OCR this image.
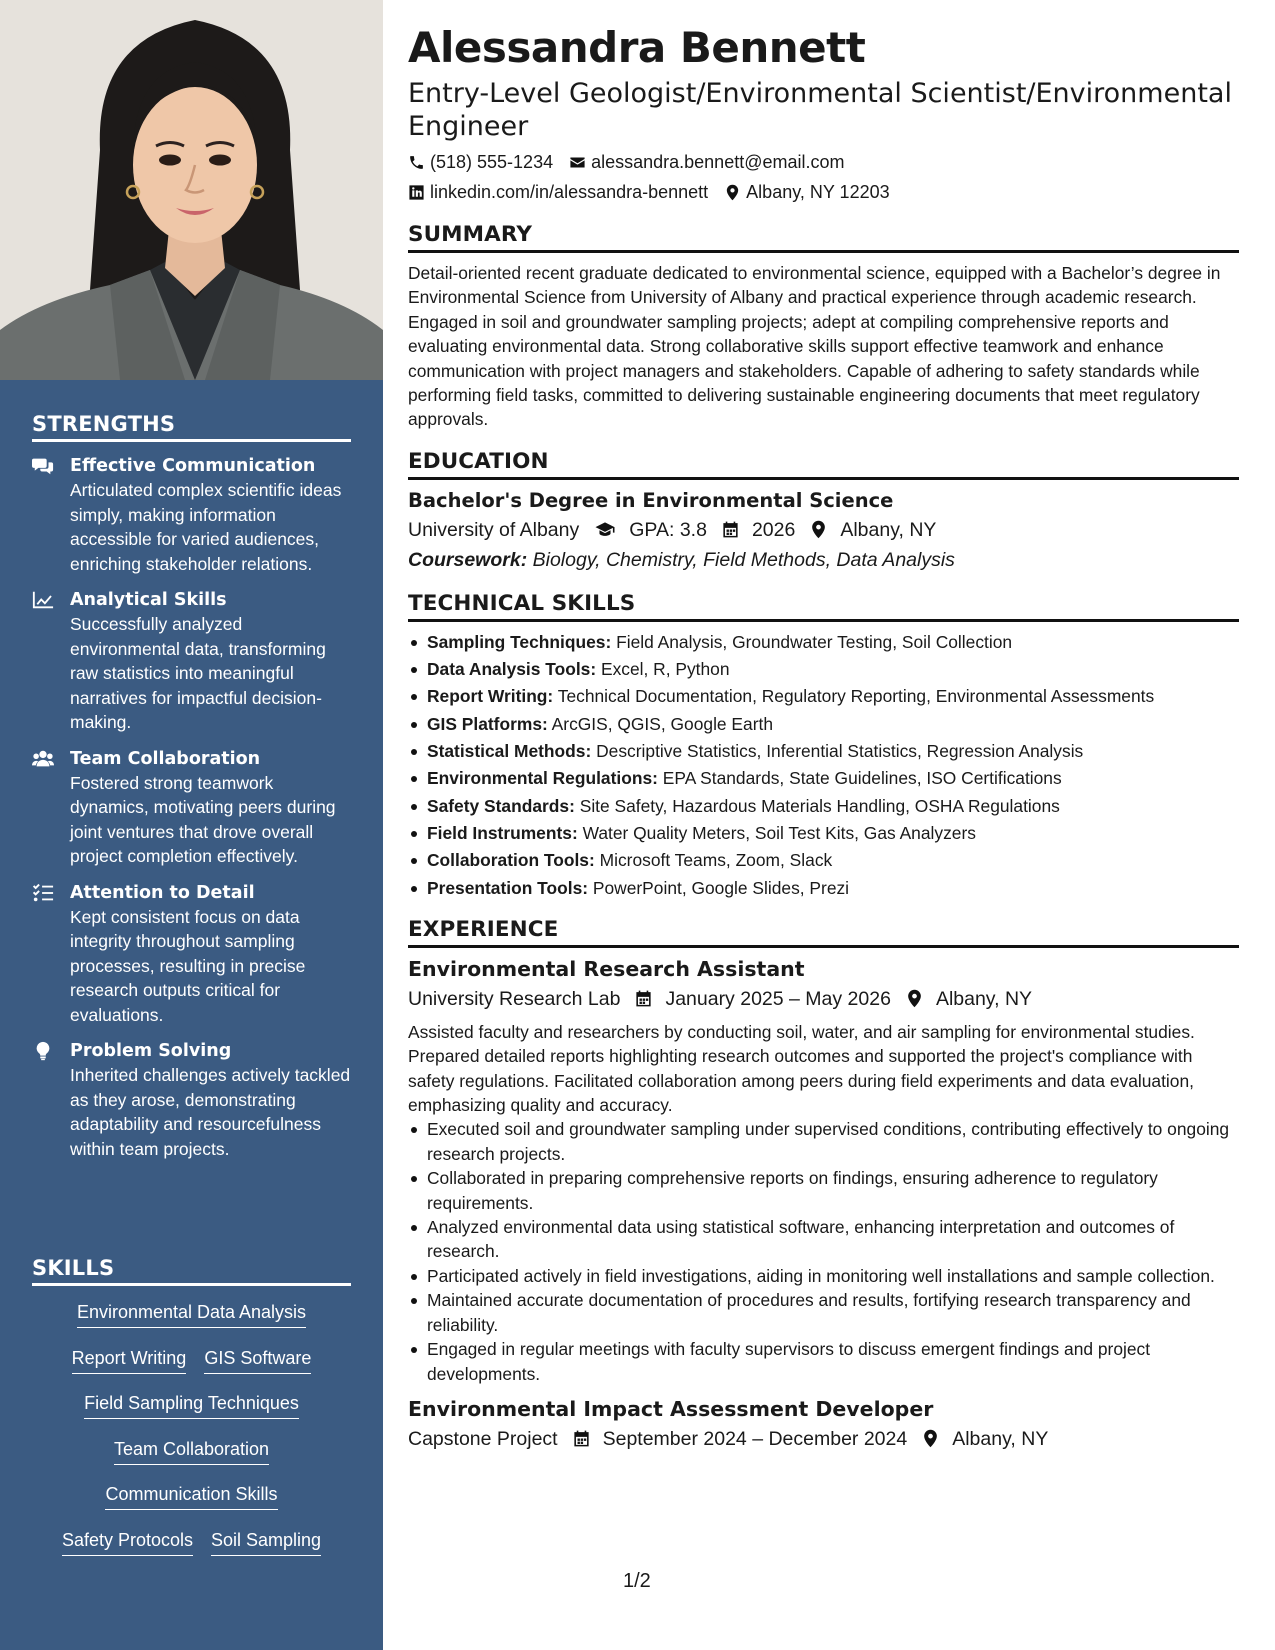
STRENGTHS
Effective Communication
Articulated complex scientific ideas simply, making information accessible for varied audiences, enriching stakeholder relations.
Analytical Skills
Successfully analyzed environmental data, transforming raw statistics into meaningful narratives for impactful decision-making.
Team Collaboration
Fostered strong teamwork dynamics, motivating peers during joint ventures that drove overall project completion effectively.
Attention to Detail
Kept consistent focus on data integrity throughout sampling processes, resulting in precise research outputs critical for evaluations.
Problem Solving
Inherited challenges actively tackled as they arose, demonstrating adaptability and resourcefulness within team projects.
SKILLS
Environmental Data Analysis
Report Writing GIS Software
Field Sampling Techniques
Team Collaboration
Communication Skills
Safety Protocols Soil Sampling
Alessandra Bennett
Entry-Level Geologist/Environmental Scientist/Environmental Engineer
(518) 555-1234 alessandra.bennett@email.com
linkedin.com/in/alessandra-bennett Albany, NY 12203
SUMMARY
Detail-oriented recent graduate dedicated to environmental science, equipped with a Bachelor’s degree in Environmental Science from University of Albany and practical experience through academic research. Engaged in soil and groundwater sampling projects; adept at compiling comprehensive reports and evaluating environmental data. Strong collaborative skills support effective teamwork and enhance communication with project managers and stakeholders. Capable of adhering to safety standards while performing field tasks, committed to delivering sustainable engineering documents that meet regulatory approvals.
EDUCATION
Bachelor's Degree in Environmental Science
University of Albany	GPA: 3.8 2026 Albany, NY
Coursework: Biology, Chemistry, Field Methods, Data Analysis
TECHNICAL SKILLS
Sampling Techniques: Field Analysis, Groundwater Testing, Soil Collection
Data Analysis Tools: Excel, R, Python
Report Writing: Technical Documentation, Regulatory Reporting, Environmental Assessments
GIS Platforms: ArcGIS, QGIS, Google Earth
Statistical Methods: Descriptive Statistics, Inferential Statistics, Regression Analysis
Environmental Regulations: EPA Standards, State Guidelines, ISO Certifications
Safety Standards: Site Safety, Hazardous Materials Handling, OSHA Regulations
Field Instruments: Water Quality Meters, Soil Test Kits, Gas Analyzers
Collaboration Tools: Microsoft Teams, Zoom, Slack
Presentation Tools: PowerPoint, Google Slides, Prezi
EXPERIENCE
Environmental Research Assistant
University Research Lab January 2025 – May 2026 Albany, NY
Assisted faculty and researchers by conducting soil, water, and air sampling for environmental studies. Prepared detailed reports highlighting research outcomes and supported the project's compliance with safety regulations. Facilitated collaboration among peers during field experiments and data evaluation, emphasizing quality and accuracy.
Executed soil and groundwater sampling under supervised conditions, contributing effectively to ongoing research projects.
Collaborated in preparing comprehensive reports on findings, ensuring adherence to regulatory requirements.
Analyzed environmental data using statistical software, enhancing interpretation and outcomes of research.
Participated actively in field investigations, aiding in monitoring well installations and sample collection.
Maintained accurate documentation of procedures and results, fortifying research transparency and reliability.
Engaged in regular meetings with faculty supervisors to discuss emergent findings and project developments.
Environmental Impact Assessment Developer
Capstone Project September 2024 – December 2024 Albany, NY
1/2
